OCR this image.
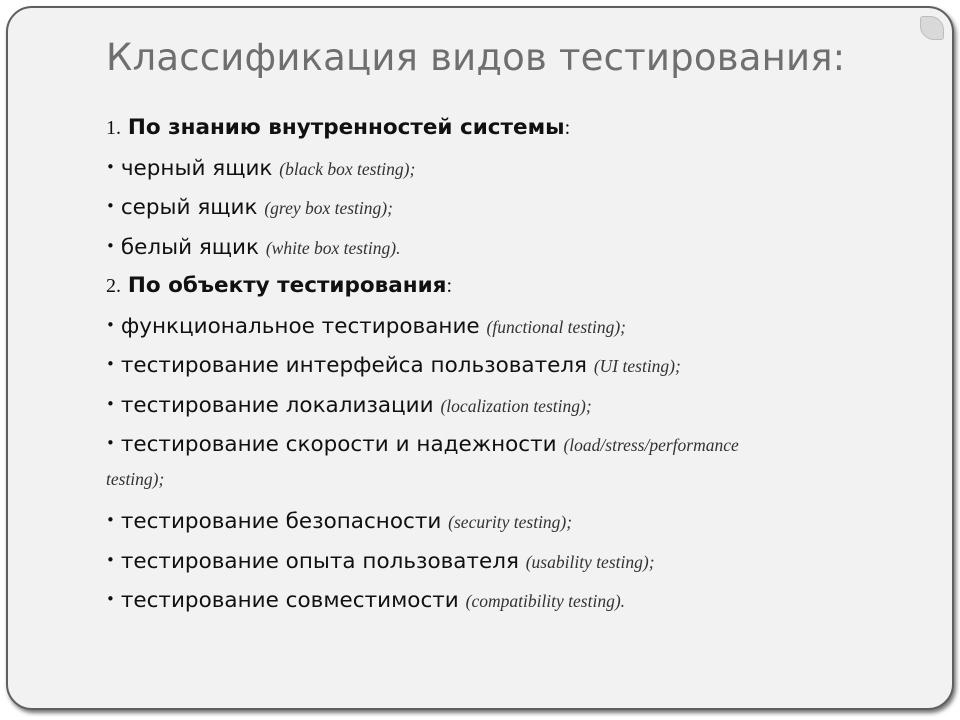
Классификация видов тестирования:
1. По знанию внутренностей системы:
• черный ящик (black box testing);
• серый ящик (grey box testing);
• белый ящик (white box testing).
2. По объекту тестирования:
• функциональное тестирование (functional testing);
• тестирование интерфейса пользователя (UI testing);
• тестирование локализации (localization testing);
• тестирование скорости и надежности (load/stress/performance
testing);
• тестирование безопасности (security testing);
• тестирование опыта пользователя (usability testing);
• тестирование совместимости (compatibility testing).
